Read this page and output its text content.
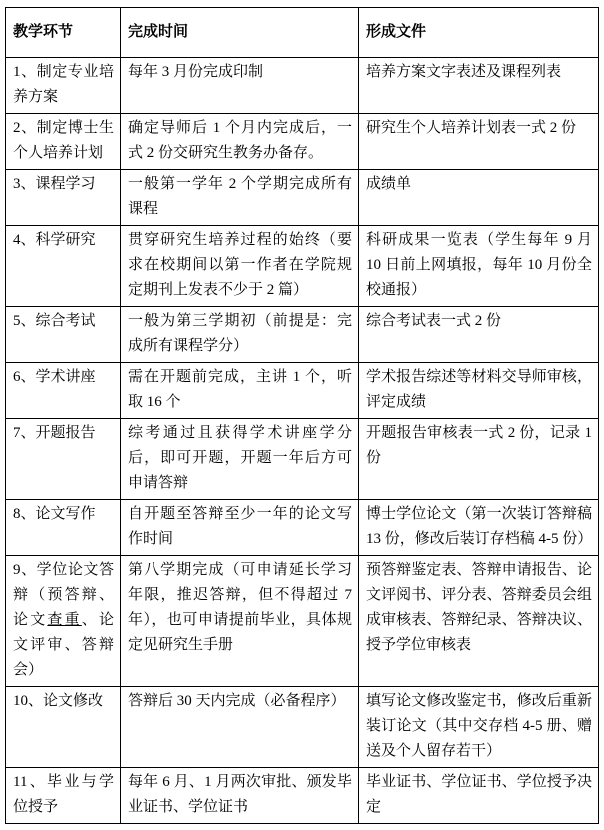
教学环节	完成时间	形成文件
1、制定专业培养方案	每年 3 月份完成印制	培养方案文字表述及课程列表
2、制定博士生个人培养计划	确定导师后 1 个月内完成后，一式 2 份交研究生教务办备存。	研究生个人培养计划表一式 2 份
3、课程学习	一般第一学年 2 个学期完成所有课程	成绩单
4、科学研究	贯穿研究生培养过程的始终（要求在校期间以第一作者在学院规定期刊上发表不少于 2 篇）	科研成果一览表（学生每年 9 月 10 日前上网填报，每年 10 月份全校通报）
5、综合考试	一般为第三学期初（前提是：完成所有课程学分）	综合考试表一式 2 份
6、学术讲座	需在开题前完成，主讲 1 个，听取 16 个	学术报告综述等材料交导师审核，评定成绩
7、开题报告	综考通过且获得学术讲座学分后，即可开题，开题一年后方可申请答辩	开题报告审核表一式 2 份，记录 1 份
8、论文写作	自开题至答辩至少一年的论文写作时间	博士学位论文（第一次装订答辩稿 13 份，修改后装订存档稿 4-5 份）
9、学位论文答辩（预答辩、论文查重、论文评审、答辩会）	第八学期完成（可申请延长学习年限，推迟答辩，但不得超过 7 年），也可申请提前毕业，具体规定见研究生手册	预答辩鉴定表、答辩申请报告、论文评阅书、评分表、答辩委员会组成审核表、答辩纪录、答辩决议、授予学位审核表
10、论文修改	答辩后 30 天内完成（必备程序）	填写论文修改鉴定书，修改后重新装订论文（其中交存档 4-5 册、赠送及个人留存若干）
11、毕业与学位授予	每年 6 月、1 月两次审批、颁发毕业证书、学位证书	毕业证书、学位证书、学位授予决定
